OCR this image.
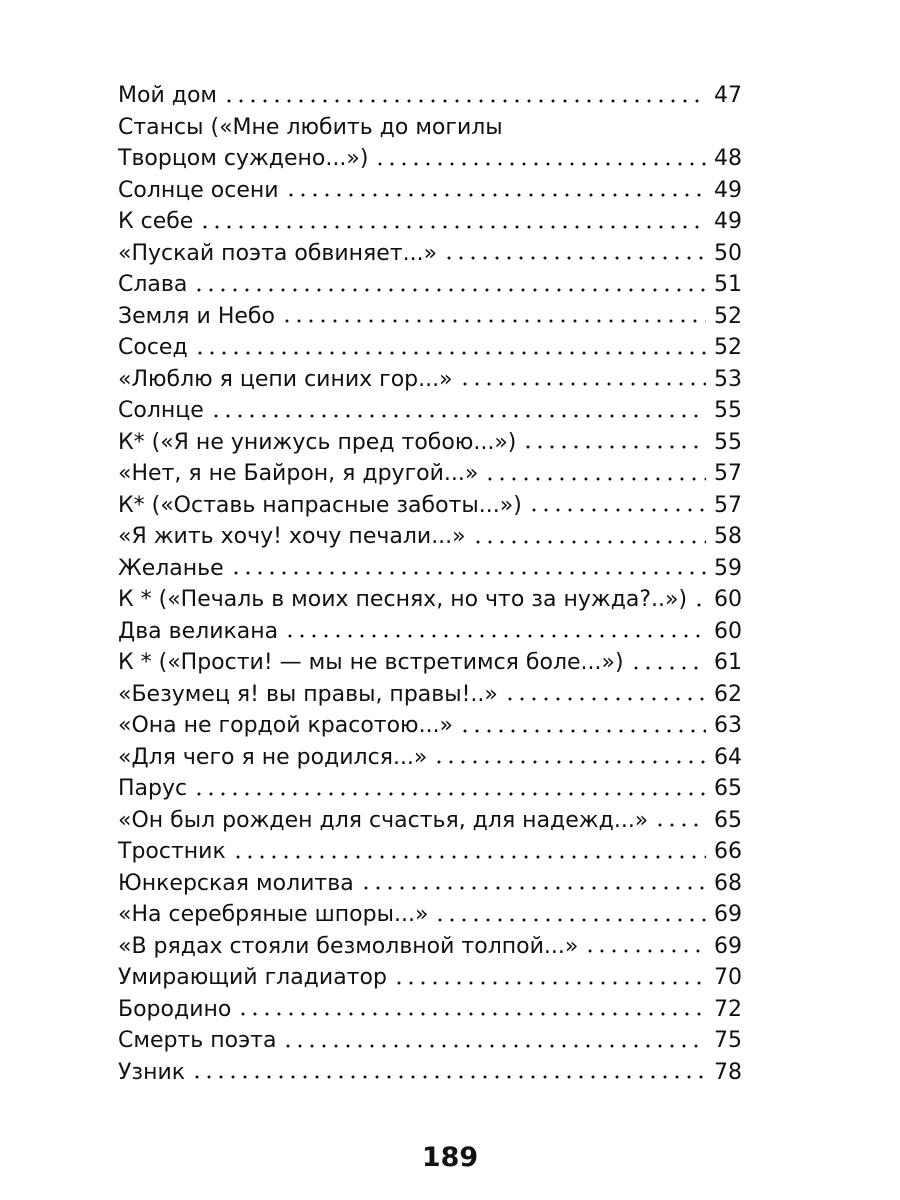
Мой дом	47
Стансы («Мне любить до могилы
Творцом суждено...»)	48
Солнце осени	49
К себе	49
«Пускай поэта обвиняет...»	50
Слава	51
Земля и Небо	52
Сосед	52
«Люблю я цепи синих гор...»	53
Солнце	55
К* («Я не унижусь пред тобою...»)	55
«Нет, я не Байрон, я другой...»	57
К* («Оставь напрасные заботы...»)	57
«Я жить хочу! хочу печали...»	58
Желанье	59
К * («Печаль в моих песнях, но что за нужда?..»)	60
Два великана	60
К * («Прости! — мы не встретимся боле...»)	61
«Безумец я! вы правы, правы!..»	62
«Она не гордой красотою...»	63
«Для чего я не родился...»	64
Парус	65
«Он был рожден для счастья, для надежд...»	65
Тростник	66
Юнкерская молитва	68
«На серебряные шпоры...»	69
«В рядах стояли безмолвной толпой...»	69
Умирающий гладиатор	70
Бородино	72
Смерть поэта	75
Узник	78
189
